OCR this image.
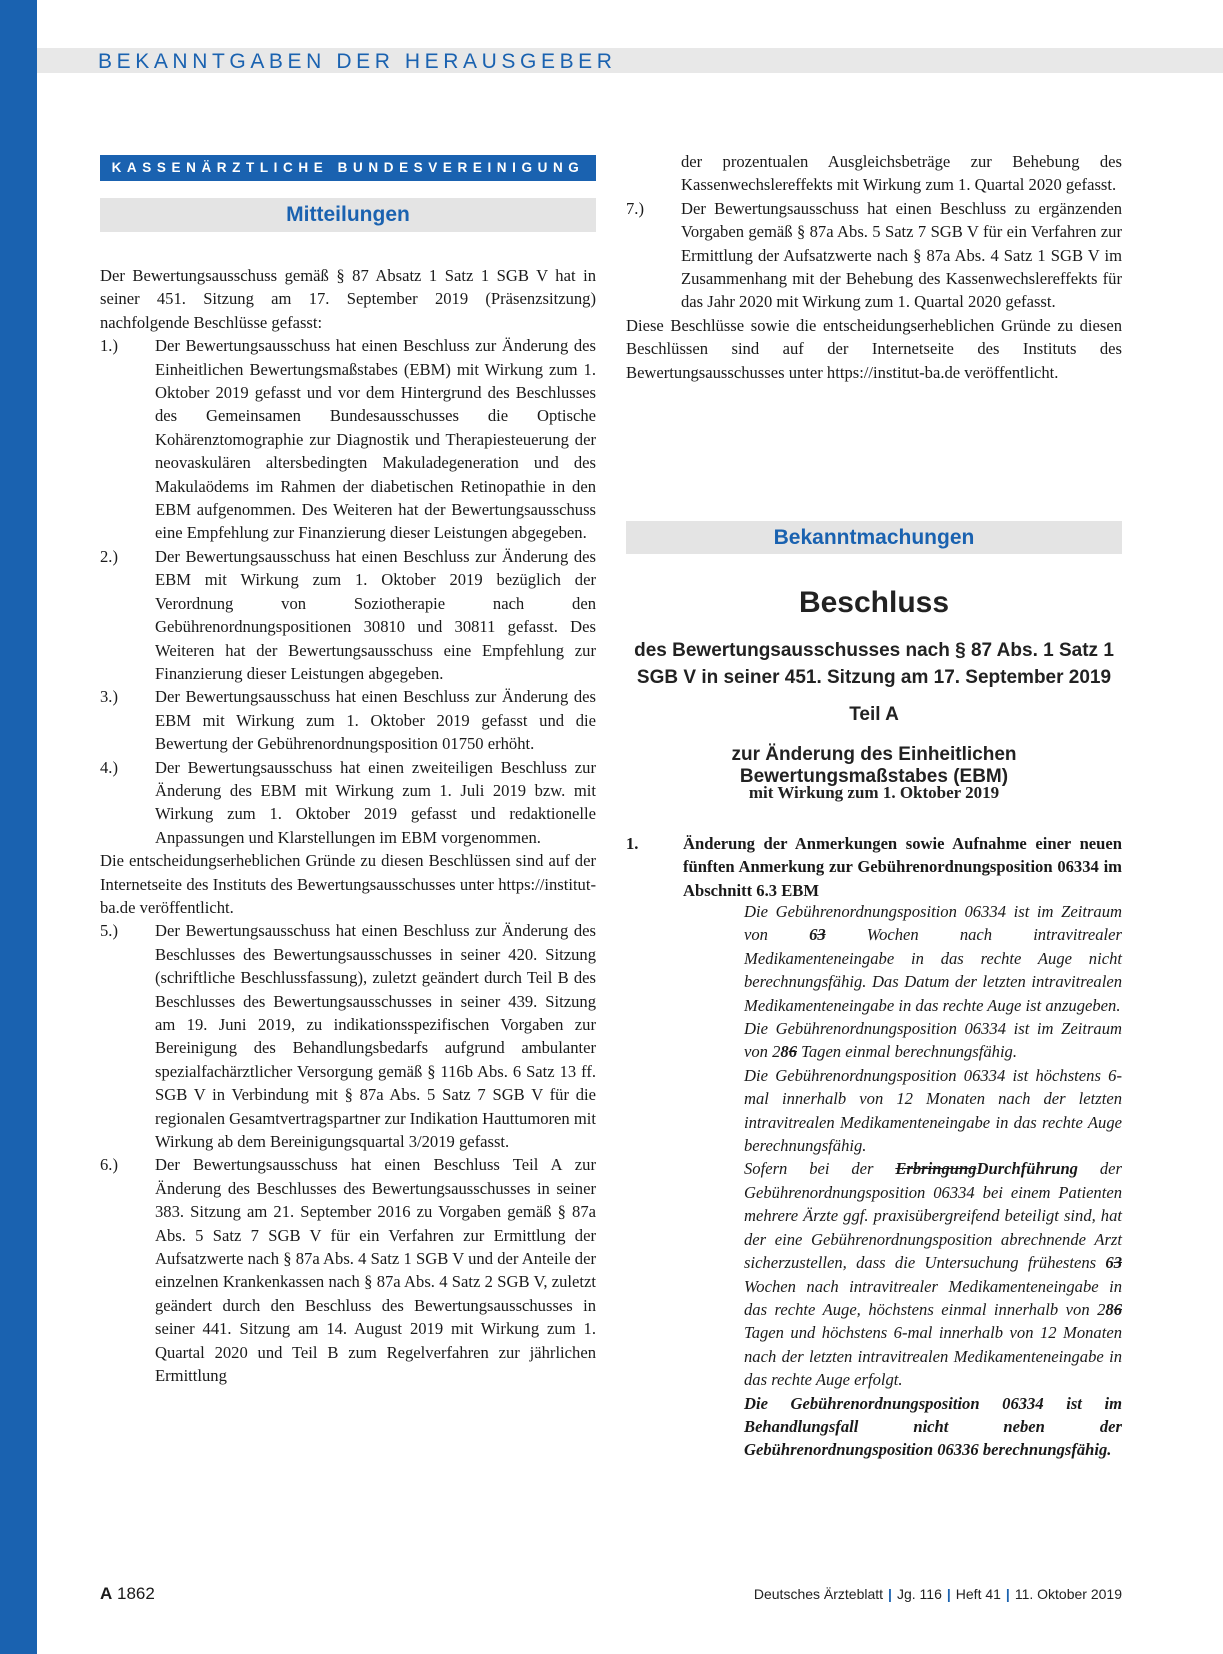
BEKANNTGABEN DER HERAUSGEBER
KASSENÄRZTLICHE BUNDESVEREINIGUNG
Mitteilungen

Der Bewertungsausschuss gemäß § 87 Absatz 1 Satz 1 SGB V hat in seiner 451. Sitzung am 17. September 2019 (Präsenzsitzung) nachfolgende Beschlüsse gefasst:

1.) Der Bewertungsausschuss hat einen Beschluss zur Änderung des Einheitlichen Bewertungsmaßstabes (EBM) mit Wirkung zum 1. Oktober 2019 gefasst und vor dem Hintergrund des Beschlusses des Gemeinsamen Bundesausschusses die Optische Kohärenztomographie zur Diagnostik und Therapiesteuerung der neovaskulären altersbedingten Makuladegeneration und des Makulaödems im Rahmen der diabetischen Retinopathie in den EBM aufgenommen. Des Weiteren hat der Bewertungsausschuss eine Empfehlung zur Finanzierung dieser Leistungen abgegeben.
2.) Der Bewertungsausschuss hat einen Beschluss zur Änderung des EBM mit Wirkung zum 1. Oktober 2019 bezüglich der Verordnung von Soziotherapie nach den Gebührenordnungspositionen 30810 und 30811 gefasst. Des Weiteren hat der Bewertungsausschuss eine Empfehlung zur Finanzierung dieser Leistungen abgegeben.
3.) Der Bewertungsausschuss hat einen Beschluss zur Änderung des EBM mit Wirkung zum 1. Oktober 2019 gefasst und die Bewertung der Gebührenordnungsposition 01750 erhöht.
4.) Der Bewertungsausschuss hat einen zweiteiligen Beschluss zur Änderung des EBM mit Wirkung zum 1. Juli 2019 bzw. mit Wirkung zum 1. Oktober 2019 gefasst und redaktionelle Anpassungen und Klarstellungen im EBM vorgenommen.

Die entscheidungserheblichen Gründe zu diesen Beschlüssen sind auf der Internetseite des Instituts des Bewertungsausschusses unter https://institut-ba.de veröffentlicht.

5.) Der Bewertungsausschuss hat einen Beschluss zur Änderung des Beschlusses des Bewertungsausschusses in seiner 420. Sitzung (schriftliche Beschlussfassung), zuletzt geändert durch Teil B des Beschlusses des Bewertungsausschusses in seiner 439. Sitzung am 19. Juni 2019, zu indikationsspezifischen Vorgaben zur Bereinigung des Behandlungsbedarfs aufgrund ambulanter spezialfachärztlicher Versorgung gemäß § 116b Abs. 6 Satz 13 ff. SGB V in Verbindung mit § 87a Abs. 5 Satz 7 SGB V für die regionalen Gesamtvertragspartner zur Indikation Hauttumoren mit Wirkung ab dem Bereinigungsquartal 3/2019 gefasst.
6.) Der Bewertungsausschuss hat einen Beschluss Teil A zur Änderung des Beschlusses des Bewertungsausschusses in seiner 383. Sitzung am 21. September 2016 zu Vorgaben gemäß § 87a Abs. 5 Satz 7 SGB V für ein Verfahren zur Ermittlung der Aufsatzwerte nach § 87a Abs. 4 Satz 1 SGB V und der Anteile der einzelnen Krankenkassen nach § 87a Abs. 4 Satz 2 SGB V, zuletzt geändert durch den Beschluss des Bewertungsausschusses in seiner 441. Sitzung am 14. August 2019 mit Wirkung zum 1. Quartal 2020 und Teil B zum Regelverfahren zur jährlichen Ermittlung
der prozentualen Ausgleichsbeträge zur Behebung des Kassenwechslereffekts mit Wirkung zum 1. Quartal 2020 gefasst.
7.) Der Bewertungsausschuss hat einen Beschluss zu ergänzenden Vorgaben gemäß § 87a Abs. 5 Satz 7 SGB V für ein Verfahren zur Ermittlung der Aufsatzwerte nach § 87a Abs. 4 Satz 1 SGB V im Zusammenhang mit der Behebung des Kassenwechslereffekts für das Jahr 2020 mit Wirkung zum 1. Quartal 2020 gefasst.

Diese Beschlüsse sowie die entscheidungserheblichen Gründe zu diesen Beschlüssen sind auf der Internetseite des Instituts des Bewertungsausschusses unter https://institut-ba.de veröffentlicht.

Bekanntmachungen
Beschluss
des Bewertungsausschusses nach § 87 Abs. 1 Satz 1 SGB V in seiner 451. Sitzung am 17. September 2019
Teil A
zur Änderung des Einheitlichen Bewertungsmaßstabes (EBM)
mit Wirkung zum 1. Oktober 2019
1.	Änderung der Anmerkungen sowie Aufnahme einer neuen fünften Anmerkung zur Gebührenordnungsposition 06334 im Abschnitt 6.3 EBM

Die Gebührenordnungsposition 06334 ist im Zeitraum von 63 Wochen nach intravitrealer Medikamenteneingabe in das rechte Auge nicht berechnungsfähig. Das Datum der letzten intravitrealen Medikamenteneingabe in das rechte Auge ist anzugeben.

Die Gebührenordnungsposition 06334 ist im Zeitraum von 286 Tagen einmal berechnungsfähig.

Die Gebührenordnungsposition 06334 ist höchstens 6-mal innerhalb von 12 Monaten nach der letzten intravitrealen Medikamenteneingabe in das rechte Auge berechnungsfähig.

Sofern bei der ErbringungDurchführung der Gebührenordnungsposition 06334 bei einem Patienten mehrere Ärzte ggf. praxisübergreifend beteiligt sind, hat der eine Gebührenordnungsposition abrechnende Arzt sicherzustellen, dass die Untersuchung frühestens 63 Wochen nach intravitrealer Medikamenteneingabe in das rechte Auge, höchstens einmal innerhalb von 286 Tagen und höchstens 6-mal innerhalb von 12 Monaten nach der letzten intravitrealen Medikamenteneingabe in das rechte Auge erfolgt.

Die Gebührenordnungsposition 06334 ist im Behandlungsfall nicht neben der Gebührenordnungsposition 06336 berechnungsfähig.

A 1862	Deutsches Ärzteblatt | Jg. 116 | Heft 41 | 11. Oktober 2019
